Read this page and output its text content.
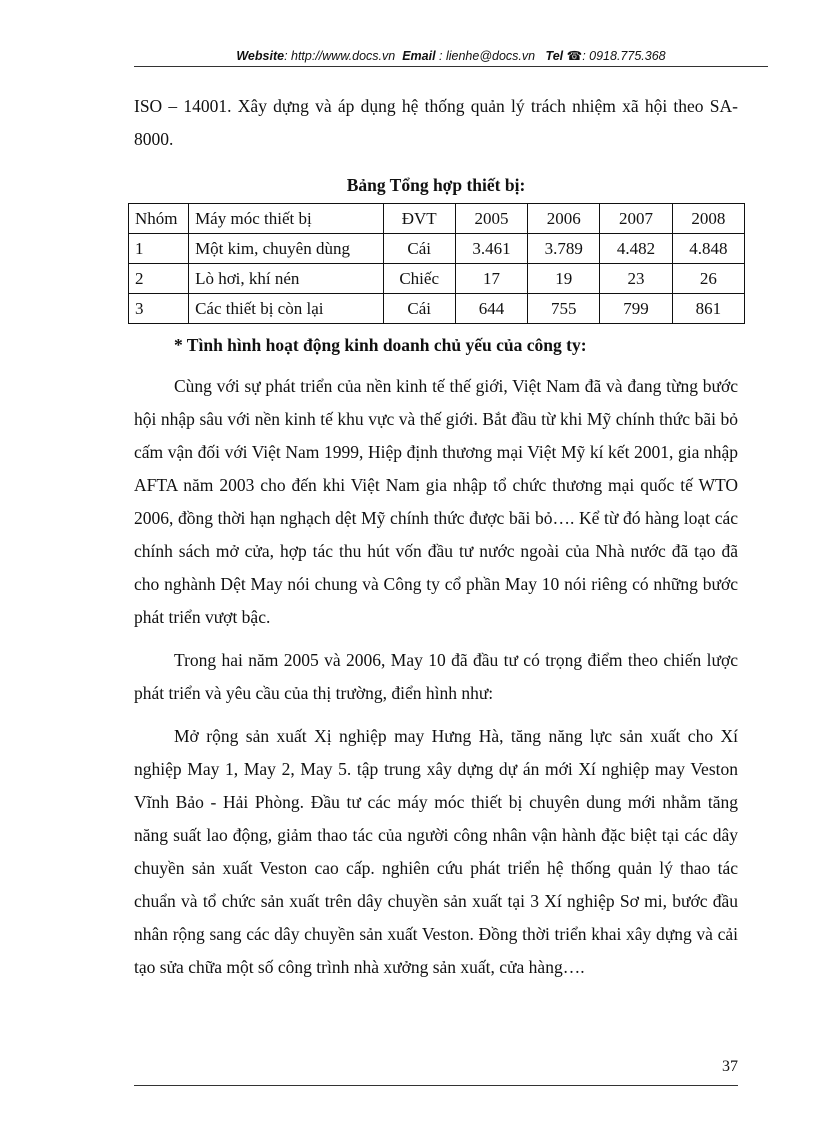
Website: http://www.docs.vn Email : lienhe@docs.vn Tel ☎: 0918.775.368

ISO – 14001. Xây dựng và áp dụng hệ thống quản lý trách nhiệm xã hội theo SA-8000.

Bảng Tổng hợp thiết bị:
Nhóm	Máy móc thiết bị	ĐVT	2005	2006	2007	2008
1	Một kim, chuyên dùng	Cái	3.461	3.789	4.482	4.848
2	Lò hơi, khí nén	Chiếc	17	19	23	26
3	Các thiết bị còn lại	Cái	644	755	799	861
* Tình hình hoạt động kinh doanh chủ yếu của công ty:

Cùng với sự phát triển của nền kinh tế thế giới, Việt Nam đã và đang từng bước hội nhập sâu với nền kinh tế khu vực và thế giới. Bắt đầu từ khi Mỹ chính thức bãi bỏ cấm vận đối với Việt Nam 1999, Hiệp định thương mại Việt Mỹ kí kết 2001, gia nhập AFTA năm 2003 cho đến khi Việt Nam gia nhập tổ chức thương mại quốc tế WTO 2006, đồng thời hạn nghạch dệt Mỹ chính thức được bãi bỏ…. Kể từ đó hàng loạt các chính sách mở cửa, hợp tác thu hút vốn đầu tư nước ngoài của Nhà nước đã tạo đã cho nghành Dệt May nói chung và Công ty cổ phần May 10 nói riêng có những bước phát triển vượt bậc.

Trong hai năm 2005 và 2006, May 10 đã đầu tư có trọng điểm theo chiến lược phát triển và yêu cầu của thị trường, điển hình như:

Mở rộng sản xuất Xị nghiệp may Hưng Hà, tăng năng lực sản xuất cho Xí nghiệp May 1, May 2, May 5. tập trung xây dựng dự án mới Xí nghiệp may Veston Vĩnh Bảo - Hải Phòng. Đầu tư các máy móc thiết bị chuyên dung mới nhằm tăng năng suất lao động, giảm thao tác của người công nhân vận hành đặc biệt tại các dây chuyền sản xuất Veston cao cấp. nghiên cứu phát triển hệ thống quản lý thao tác chuẩn và tổ chức sản xuất trên dây chuyền sản xuất tại 3 Xí nghiệp Sơ mi, bước đầu nhân rộng sang các dây chuyền sản xuất Veston. Đồng thời triển khai xây dựng và cải tạo sửa chữa một số công trình nhà xưởng sản xuất, cửa hàng….

37
